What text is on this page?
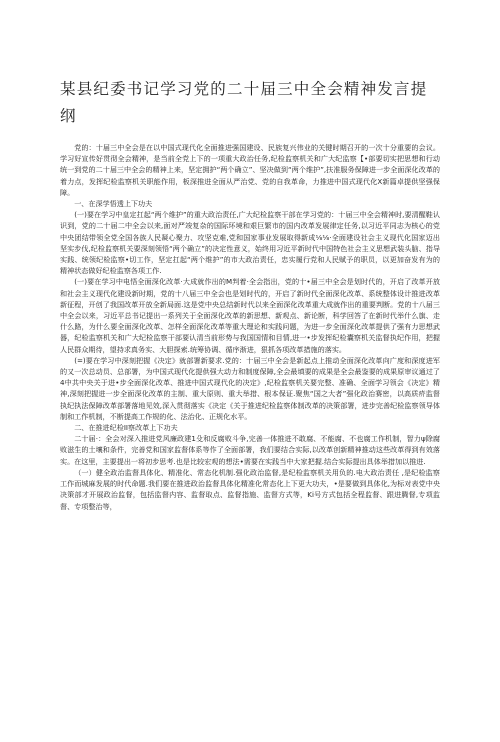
某县纪委书记学习党的二十届三中全会精神发言提纲

党的：十届三中全会是在以中国式现代化全面推进强国建设、民族复兴伟业的关键时期召开的一次十分重要的会议。学习好宣传好贯彻全会精神，是当前全党上下的一项重大政治任务,纪检监察机关和广大纪监察【•部要切实把思想和行动统一到党的二十届三中全会的精神上来，坚定拥护“两个确立”、坚决做到“两个维护”,扶准服务保障进一步全面深化改革的着力点，发挥纪检监察机关职能作用，板深推进全面从严治党、党的自我革命，力推进中国式现代化X新篇卓提供坚强保障。

一、在深学悟透上下功夫

(一)要在学习中皇定扛起“两个维护”的重大政治责任,广大纪检监察干部在学习党的：十届三中全会精神时,要清醒鞋认识到，党的二十届二中全会以来,面对严竣复杂的国际环境和艰巨繁市的国内改革发展律定任务,以习近平同志为核心的党中央团结带领全党全国各族人民凝心聚力、攻坚克难,党和国家事业发展取得新成⅛⅛·全面建设社会主义现代化国家迈出坚实步伐,纪检监察机关要深刻领悟“两个确立”的决定性意义，始终用习近平新时代中国特色社会主义思想武装头脑、指导实践、统领纪检监察•切工作，坚定扛起“两个维护”的市大政治责任，忠实履行党和人民赋予的职员，以更加奋发有为的精神状态做好纪检监察各项工作.

(一)要在学习中电悟全面深化改革·大成就作出的M判着·全会指出，党的十•届三中全会是划时代的，开启了改革开放和社会主义现代化建设新时期，党的十八届三中全会也是划时代的，开启了新时代全面深化改革、系统整体设计推进改革新征程，开创了我国改革开放全新局面.这是党中央总结新时代以来全面深化改革重大成就作出的重要判断。党的十八届三中全会以来，习近平总书记提出一系列关于全面深化改革的新思想、新观点、新论断，科学回答了在新时代举什么旗、走什么路，为什么要全面深化改革、怎样全面深化改革等重大理论和实践问题，为进一步全面深化改革提供了强有力思想武器，纪检监察机关和广大纪检监察干部要认清当前形势与我国国情和目情,进一•步发挥纪检囊察机关监督执纪作用，把握人民群众期待，望持求真务实、大胆探索.统筹协调、循序渐进，狠抓各项改革措施的落实。

(=)要在学习中深刻把握《决定》就部署新要求.党的：十届三中全会是新起点上推动全面深化改革向广度和深度进军的又一次总动员、总部署，为中国式现代化提供强大动力和制度保障,全会最填要的成果是全会最鉴要的成果原审议通过了4中共中央关于进•步全面深化改革、推进中国式现代化的决定》,纪检监察机关要完整、准确、全面学习领会《决定》精神,深刻把握进一步全面深化改革的主制、重大原则、重大举措、根本保证.聚焦“国之大者”强化政治赛密，以高质疥监督执纪执法保障改革部署落地见效,深入贯彻落实《决定《关于推进纪检监察体制改革的决策部署，进步完善纪检监察领导体制和工作机制，不断提高工作规的化、法治化、正规化水平。

二、在推进纪检II察改革上下功夫

二十届·：全会对深入推进党风廉政建1殳和反腐败斗争,完善一体推进不敢腐、不能腐、不也腐工作机制，智力ψ除腐败滋生的土壤和条件，完善党和国家监督体系等作了全面部署，我们要结合实际,以改革创新精神推动这些改革得到有效落实。在这里，主要提出一将初步思考.也是比较宏观的想法•需要在实践当中大家把握.结合实际提出具体举措加以推进.

（一）健全政治监督具体化、精准化、常态化机制.强化政治监督,是纪检监察机关用负的.电大政治责任 ,是纪检监察工作而城麻发展的时代命题.我们要在推进政治监督具体化精准化常态化上下更大功夫，•是要做到具体化,为标对表党中央决策部才开展政治监督，包括监督内容、监督取点、监督指施、监督方式等，Ki号方式包括全程监督、跟进腾督,专项监督、专项整治等，
